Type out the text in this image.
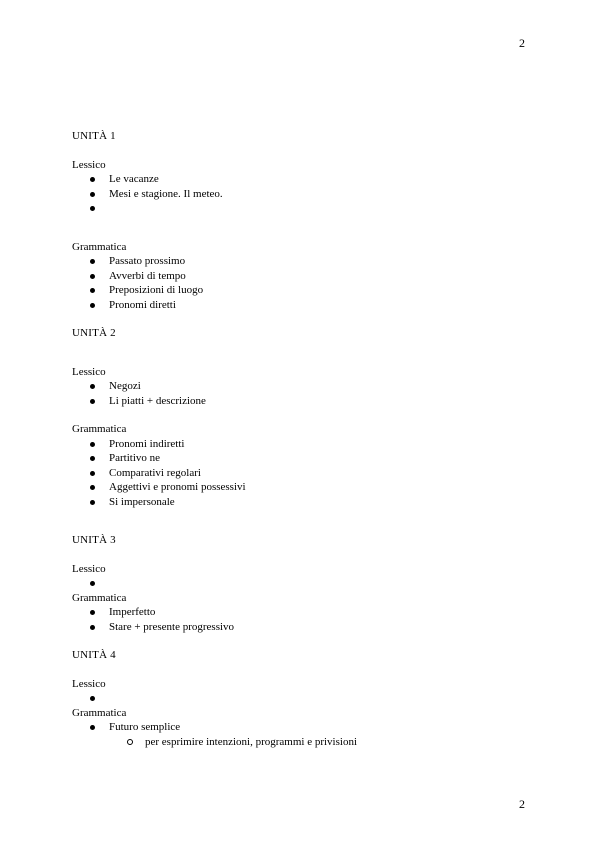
2

UNITÀ 1

Lessico

Le vacanze
Mesi e stagione. Il meteo.

Grammatica

Passato prossimo
Avverbi di tempo
Preposizioni di luogo
Pronomi diretti

UNITÀ 2

Lessico

Negozi
Li piatti + descrizione

Grammatica

Pronomi indiretti
Partitivo ne
Comparativi regolari
Aggettivi e pronomi possessivi
Si impersonale

UNITÀ 3

Lessico

Grammatica

Imperfetto
Stare + presente progressivo

UNITÀ 4

Lessico

Grammatica

Futuro semplice
per esprimire intenzioni, programmi e privisioni
2
